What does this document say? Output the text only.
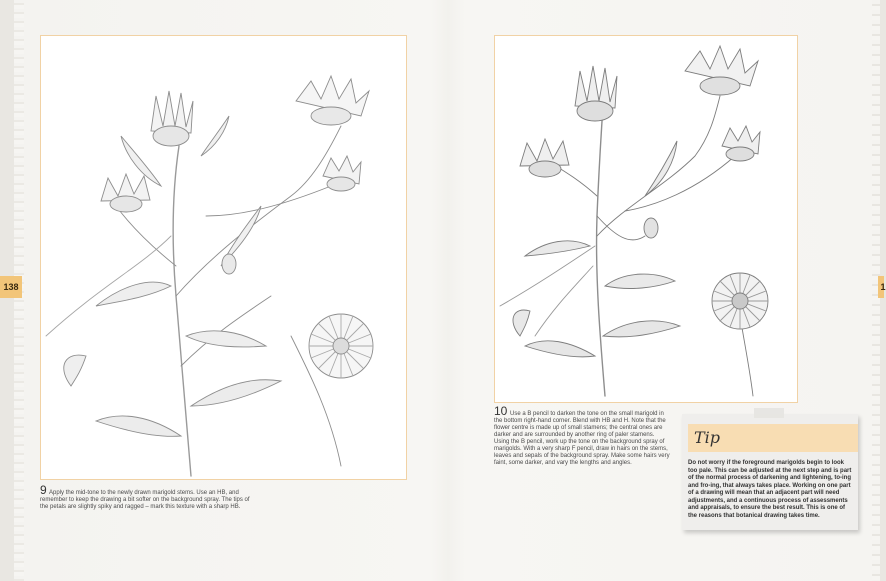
138	1
9 Apply the mid-tone to the newly drawn marigold stems. Use an HB, and remember to keep the drawing a bit softer on the background spray. The tips of the petals are slightly spiky and ragged – mark this texture with a sharp HB.
10 Use a B pencil to darken the tone on the small marigold in the bottom right-hand corner. Blend with HB and H. Note that the flower centre is made up of small stamens; the central ones are darker and are surrounded by another ring of paler stamens. Using the B pencil, work up the tone on the background spray of marigolds. With a very sharp F pencil, draw in hairs on the stems, leaves and sepals of the background spray. Make some hairs very faint, some darker, and vary the lengths and angles.
Tip
Do not worry if the foreground marigolds begin to look too pale. This can be adjusted at the next step and is part of the normal process of darkening and lightening, to-ing and fro-ing, that always takes place. Working on one part of a drawing will mean that an adjacent part will need adjustments, and a continuous process of assessments and appraisals, to ensure the best result. This is one of the reasons that botanical drawing takes time.
